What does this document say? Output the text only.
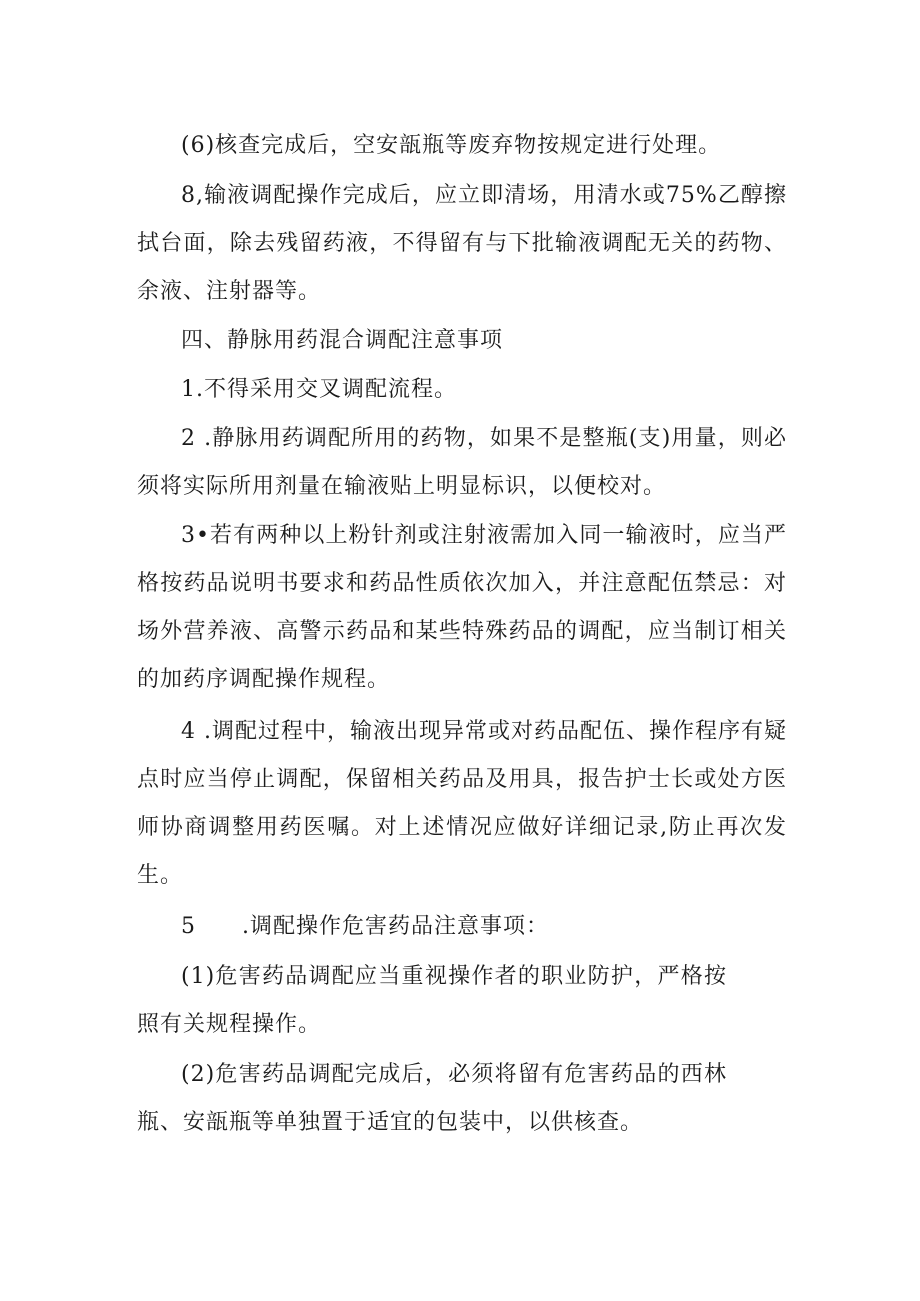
(6)核查完成后，空安瓿瓶等废弃物按规定进行处理。

8,输液调配操作完成后，应立即清场，用清水或75%乙醇擦拭台面，除去残留药液，不得留有与下批输液调配无关的药物、余液、注射器等。

四、静脉用药混合调配注意事项

1.不得采用交叉调配流程。

2 .静脉用药调配所用的药物，如果不是整瓶(支)用量，则必须将实际所用剂量在输液贴上明显标识，以便校对。

3•若有两种以上粉针剂或注射液需加入同一输液时，应当严格按药品说明书要求和药品性质依次加入，并注意配伍禁忌：对场外营养液、高警示药品和某些特殊药品的调配，应当制订相关的加药序调配操作规程。

4 .调配过程中，输液出现异常或对药品配伍、操作程序有疑点时应当停止调配，保留相关药品及用具，报告护士长或处方医师协商调整用药医嘱。对上述情况应做好详细记录,防止再次发生。

5　　.调配操作危害药品注意事项：

(1)危害药品调配应当重视操作者的职业防护，严格按照有关规程操作。

(2)危害药品调配完成后，必须将留有危害药品的西林瓶、安瓿瓶等单独置于适宜的包装中，以供核查。
